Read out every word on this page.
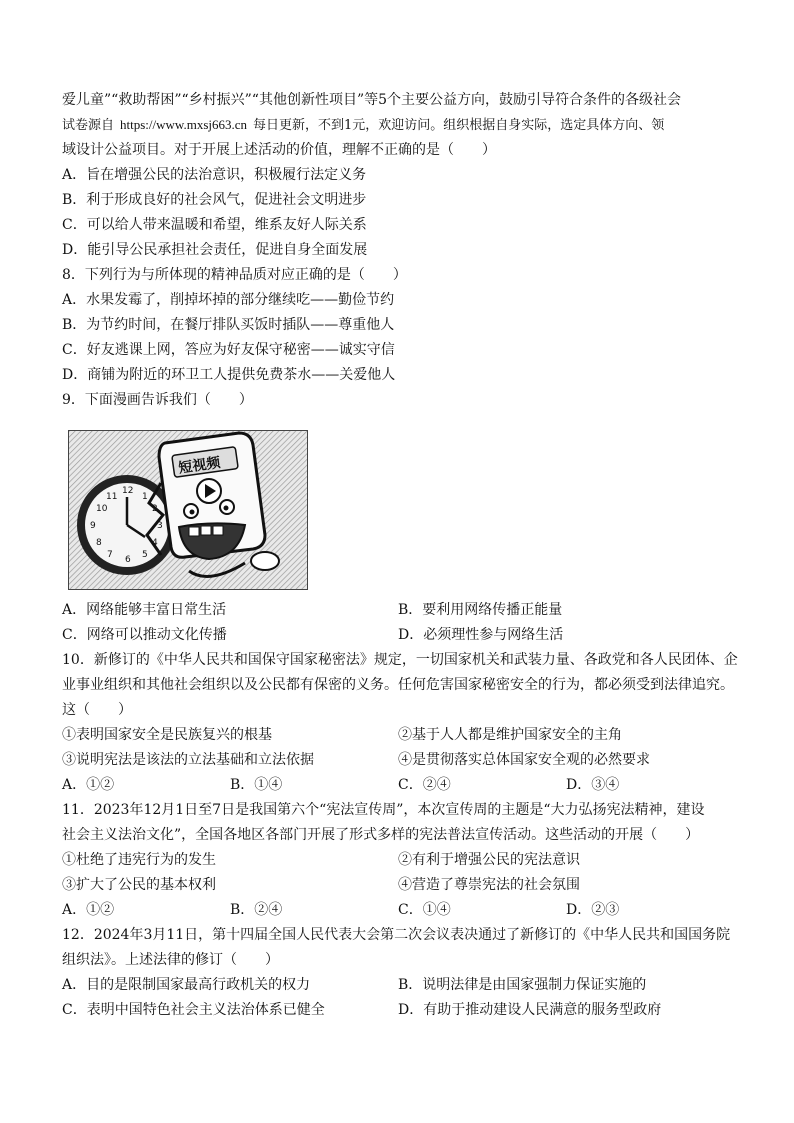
爱儿童”“救助帮困”“乡村振兴”“其他创新性项目”等5个主要公益方向，鼓励引导符合条件的各级社会
试卷源自 https://www.mxsj663.cn 每日更新，不到1元，欢迎访问。组织根据自身实际，选定具体方向、领
域设计公益项目。对于开展上述活动的价值，理解不正确的是（　　）
A．旨在增强公民的法治意识，积极履行法定义务
B．利于形成良好的社会风气，促进社会文明进步
C．可以给人带来温暖和希望，维系友好人际关系
D．能引导公民承担社会责任，促进自身全面发展
8．下列行为与所体现的精神品质对应正确的是（　　）
A．水果发霉了，削掉坏掉的部分继续吃——勤俭节约
B．为节约时间，在餐厅排队买饭时插队——尊重他人
C．好友逃课上网，答应为好友保守秘密——诚实守信
D．商铺为附近的环卫工人提供免费茶水——关爱他人
9．下面漫画告诉我们（　　）
12
3
6
9
1
2
4
5
7
8
10
11
短视频
A．网络能够丰富日常生活	B．要利用网络传播正能量
C．网络可以推动文化传播	D．必须理性参与网络生活
10．新修订的《中华人民共和国保守国家秘密法》规定，一切国家机关和武装力量、各政党和各人民团体、企
业事业组织和其他社会组织以及公民都有保密的义务。任何危害国家秘密安全的行为，都必须受到法律追究。
这（　　）
①表明国家安全是民族复兴的根基	②基于人人都是维护国家安全的主角
③说明宪法是该法的立法基础和立法依据	④是贯彻落实总体国家安全观的必然要求
A．①②	B．①④	C．②④	D．③④
11．2023年12月1日至7日是我国第六个“宪法宣传周”，本次宣传周的主题是“大力弘扬宪法精神，建设
社会主义法治文化”，全国各地区各部门开展了形式多样的宪法普法宣传活动。这些活动的开展（　　）
①杜绝了违宪行为的发生	②有利于增强公民的宪法意识
③扩大了公民的基本权利	④营造了尊崇宪法的社会氛围
A．①②	B．②④	C．①④	D．②③
12．2024年3月11日，第十四届全国人民代表大会第二次会议表决通过了新修订的《中华人民共和国国务院
组织法》。上述法律的修订（　　）
A．目的是限制国家最高行政机关的权力	B．说明法律是由国家强制力保证实施的
C．表明中国特色社会主义法治体系已健全	D．有助于推动建设人民满意的服务型政府
